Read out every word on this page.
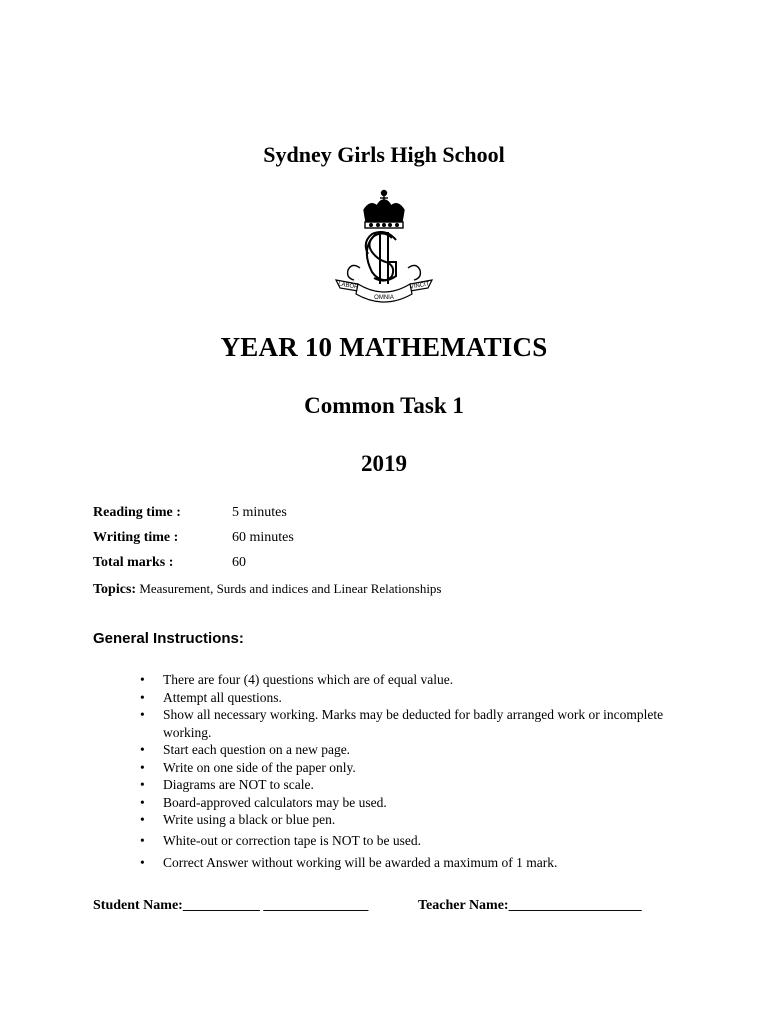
Sydney Girls High School
LABOR
OMNIA
VINCIT
YEAR 10 MATHEMATICS
Common Task 1
2019
Reading time :	5 minutes
Writing time :	60 minutes
Total marks :	60
Topics: Measurement, Surds and indices and Linear Relationships
General Instructions:
• There are four (4) questions which are of equal value.
• Attempt all questions.
• Show all necessary working. Marks may be deducted for badly arranged work or incomplete working.
• Start each question on a new page.
• Write on one side of the paper only.
• Diagrams are NOT to scale.
• Board-approved calculators may be used.
• Write using a black or blue pen.
• White-out or correction tape is NOT to be used.
• Correct Answer without working will be awarded a maximum of 1 mark.
Student Name:___________ _______________	Teacher Name:___________________
